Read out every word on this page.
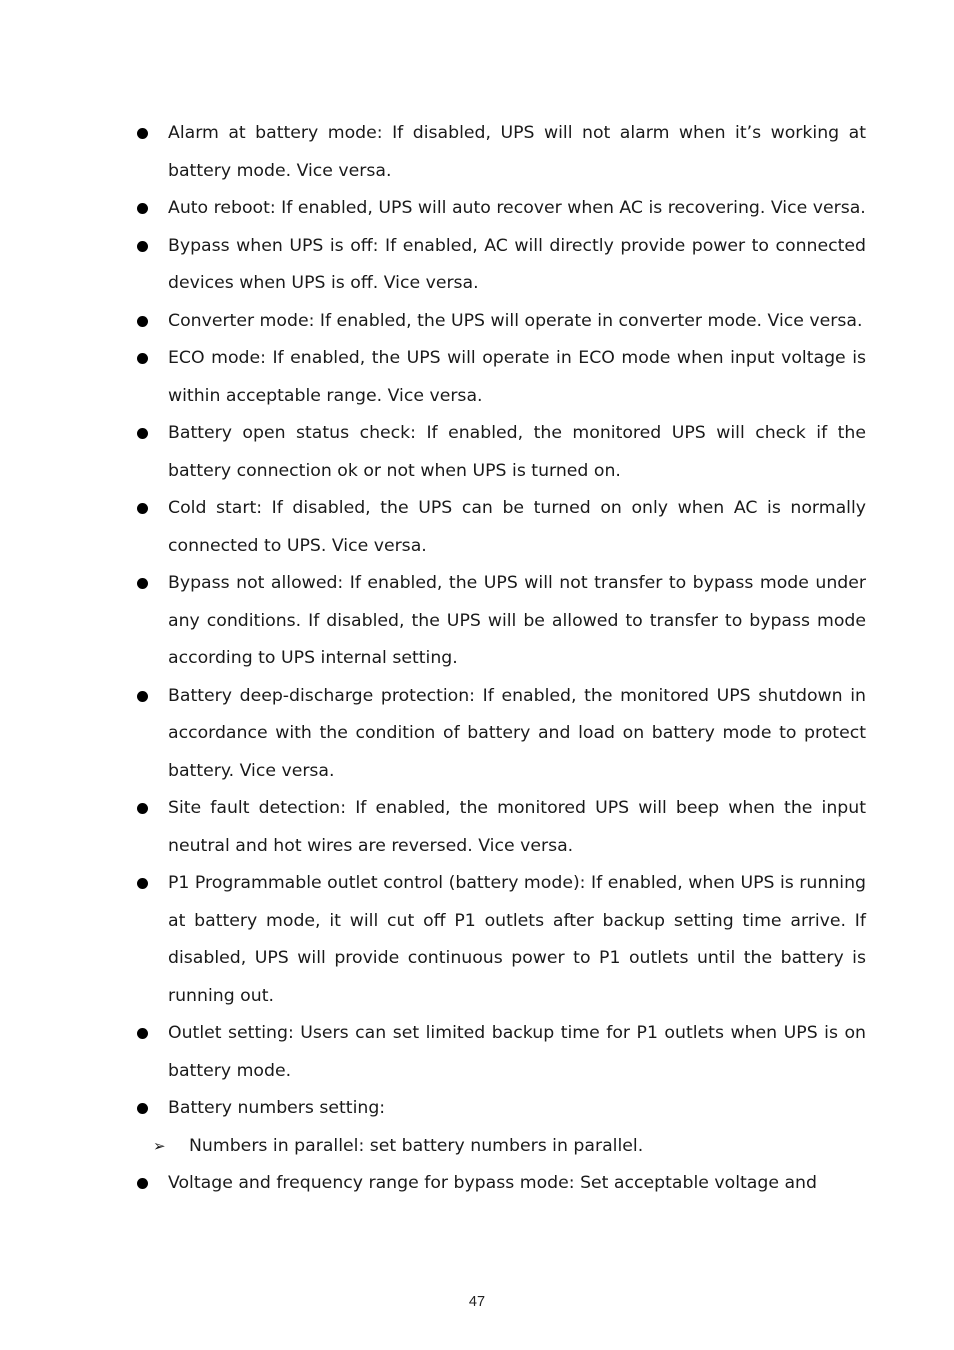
Alarm at battery mode: If disabled, UPS will not alarm when it’s working at battery mode. Vice versa.
Auto reboot: If enabled, UPS will auto recover when AC is recovering. Vice versa.
Bypass when UPS is off: If enabled, AC will directly provide power to connected devices when UPS is off. Vice versa.
Converter mode: If enabled, the UPS will operate in converter mode. Vice versa.
ECO mode: If enabled, the UPS will operate in ECO mode when input voltage is within acceptable range. Vice versa.
Battery open status check: If enabled, the monitored UPS will check if the battery connection ok or not when UPS is turned on.
Cold start: If disabled, the UPS can be turned on only when AC is normally connected to UPS. Vice versa.
Bypass not allowed: If enabled, the UPS will not transfer to bypass mode under any conditions. If disabled, the UPS will be allowed to transfer to bypass mode according to UPS internal setting.
Battery deep-discharge protection: If enabled, the monitored UPS shutdown in accordance with the condition of battery and load on battery mode to protect battery. Vice versa.
Site fault detection: If enabled, the monitored UPS will beep when the input neutral and hot wires are reversed. Vice versa.
P1 Programmable outlet control (battery mode): If enabled, when UPS is running at battery mode, it will cut off P1 outlets after backup setting time arrive. If disabled, UPS will provide continuous power to P1 outlets until the battery is running out.
Outlet setting: Users can set limited backup time for P1 outlets when UPS is on battery mode.
Battery numbers setting:
➢ Numbers in parallel: set battery numbers in parallel.
Voltage and frequency range for bypass mode: Set acceptable voltage and
47
